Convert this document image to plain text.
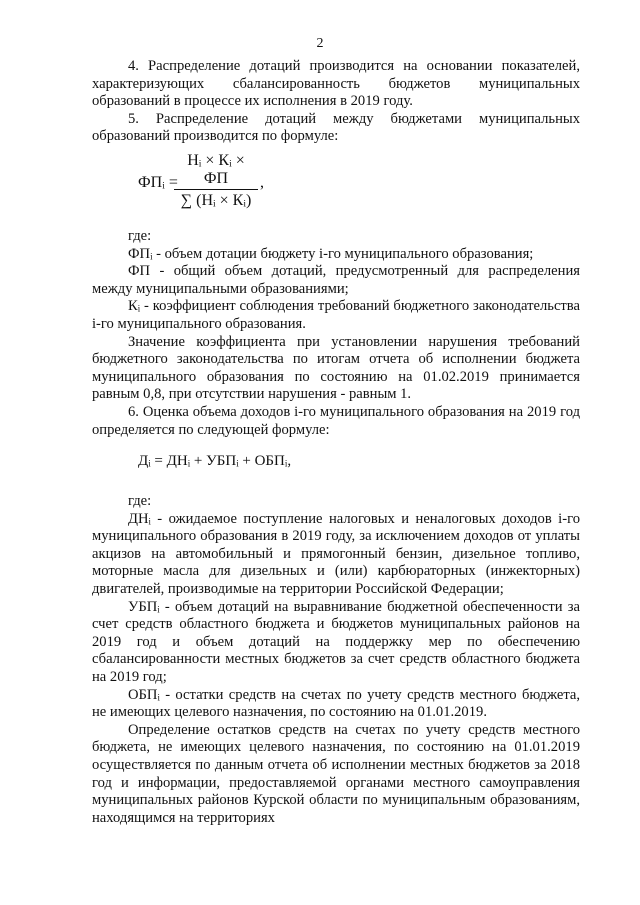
2

4. Распределение дотаций производится на основании показателей, характеризующих сбалансированность бюджетов муниципальных образований в процессе их исполнения в 2019 году.

5. Распределение дотаций между бюджетами муниципальных образований производится по формуле:

ФПᵢ =
Нᵢ × Кᵢ × ФП
∑ (Нᵢ × Кᵢ)
,

где:

ФПᵢ - объем дотации бюджету i-го муниципального образования;

ФП - общий объем дотаций, предусмотренный для распределения между муниципальными образованиями;

Кᵢ - коэффициент соблюдения требований бюджетного законодательства i-го муниципального образования.

Значение коэффициента при установлении нарушения требований бюджетного законодательства по итогам отчета об исполнении бюджета муниципального образования по состоянию на 01.02.2019 принимается равным 0,8, при отсутствии нарушения - равным 1.

6. Оценка объема доходов i-го муниципального образования на 2019 год определяется по следующей формуле:

Дᵢ = ДНᵢ + УБПᵢ + ОБПᵢ,

где:

ДНᵢ - ожидаемое поступление налоговых и неналоговых доходов i-го муниципального образования в 2019 году, за исключением доходов от уплаты акцизов на автомобильный и прямогонный бензин, дизельное топливо, моторные масла для дизельных и (или) карбюраторных (инжекторных) двигателей, производимые на территории Российской Федерации;

УБПᵢ - объем дотаций на выравнивание бюджетной обеспеченности за счет средств областного бюджета и бюджетов муниципальных районов на 2019 год и объем дотаций на поддержку мер по обеспечению сбалансированности местных бюджетов за счет средств областного бюджета на 2019 год;

ОБПᵢ - остатки средств на счетах по учету средств местного бюджета, не имеющих целевого назначения, по состоянию на 01.01.2019.

Определение остатков средств на счетах по учету средств местного бюджета, не имеющих целевого назначения, по состоянию на 01.01.2019 осуществляется по данным отчета об исполнении местных бюджетов за 2018 год и информации, предоставляемой органами местного самоуправления муниципальных районов Курской области по муниципальным образованиям, находящимся на территориях
